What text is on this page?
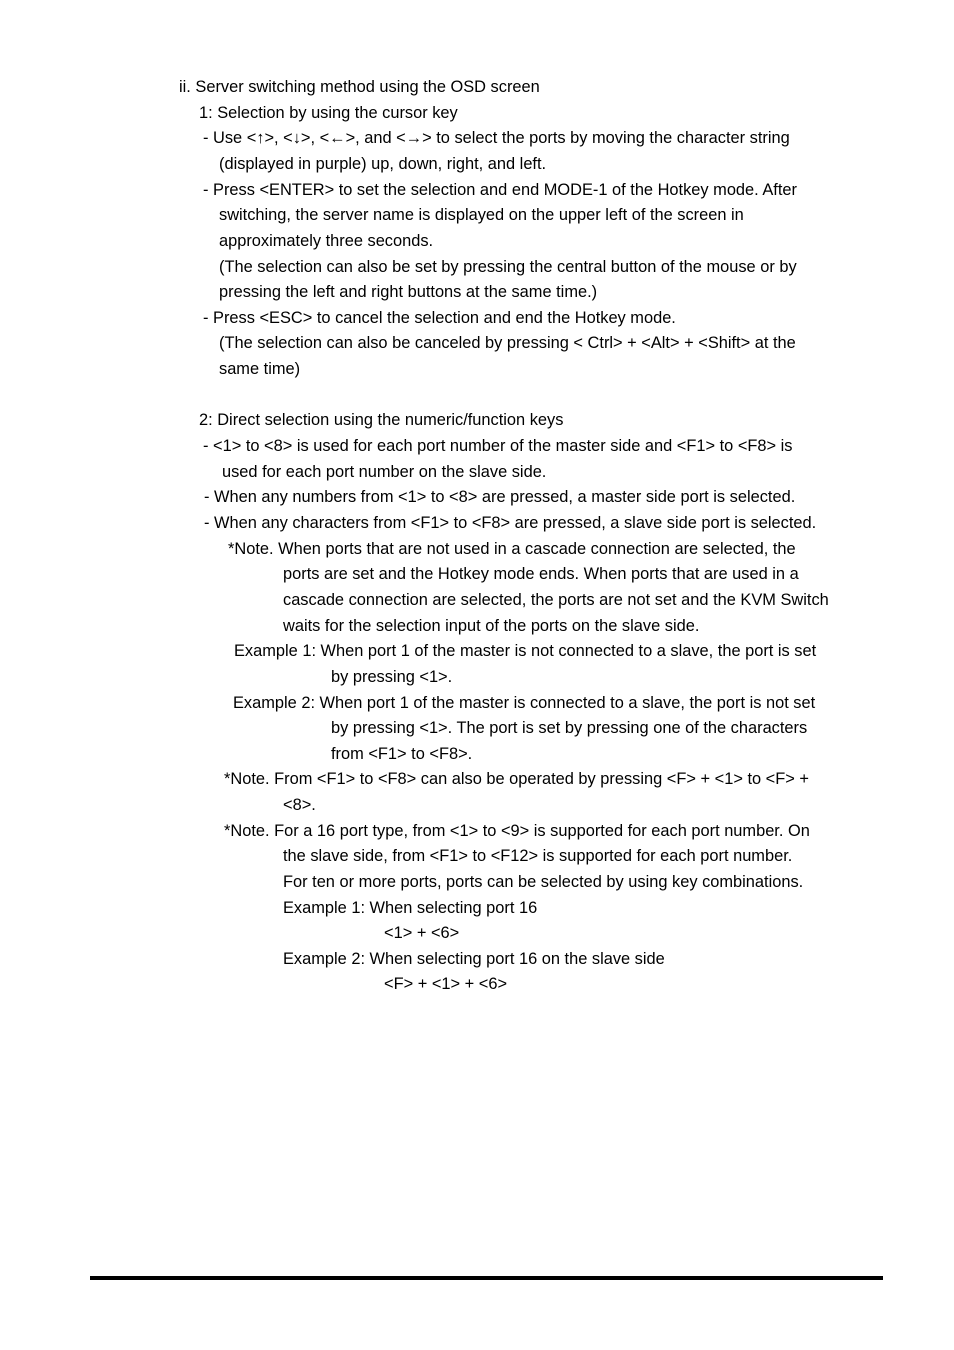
ii. Server switching method using the OSD screen
1: Selection by using the cursor key
- Use <↑>, <↓>, <←>, and <→> to select the ports by moving the character string
(displayed in purple) up, down, right, and left.
- Press <ENTER> to set the selection and end MODE-1 of the Hotkey mode. After
switching, the server name is displayed on the upper left of the screen in
approximately three seconds.
(The selection can also be set by pressing the central button of the mouse or by
pressing the left and right buttons at the same time.)
- Press <ESC> to cancel the selection and end the Hotkey mode.
(The selection can also be canceled by pressing < Ctrl> + <Alt> + <Shift> at the
same time)
2: Direct selection using the numeric/function keys
- <1> to <8> is used for each port number of the master side and <F1> to <F8> is
used for each port number on the slave side.
- When any numbers from <1> to <8> are pressed, a master side port is selected.
- When any characters from <F1> to <F8> are pressed, a slave side port is selected.
*Note. When ports that are not used in a cascade connection are selected, the
ports are set and the Hotkey mode ends. When ports that are used in a
cascade connection are selected, the ports are not set and the KVM Switch
waits for the selection input of the ports on the slave side.
Example 1: When port 1 of the master is not connected to a slave, the port is set
by pressing <1>.
Example 2: When port 1 of the master is connected to a slave, the port is not set
by pressing <1>. The port is set by pressing one of the characters
from <F1> to <F8>.
*Note. From <F1> to <F8> can also be operated by pressing <F> + <1> to <F> +
<8>.
*Note. For a 16 port type, from <1> to <9> is supported for each port number. On
the slave side, from <F1> to <F12> is supported for each port number.
For ten or more ports, ports can be selected by using key combinations.
Example 1: When selecting port 16
<1> + <6>
Example 2: When selecting port 16 on the slave side
<F> + <1> + <6>
